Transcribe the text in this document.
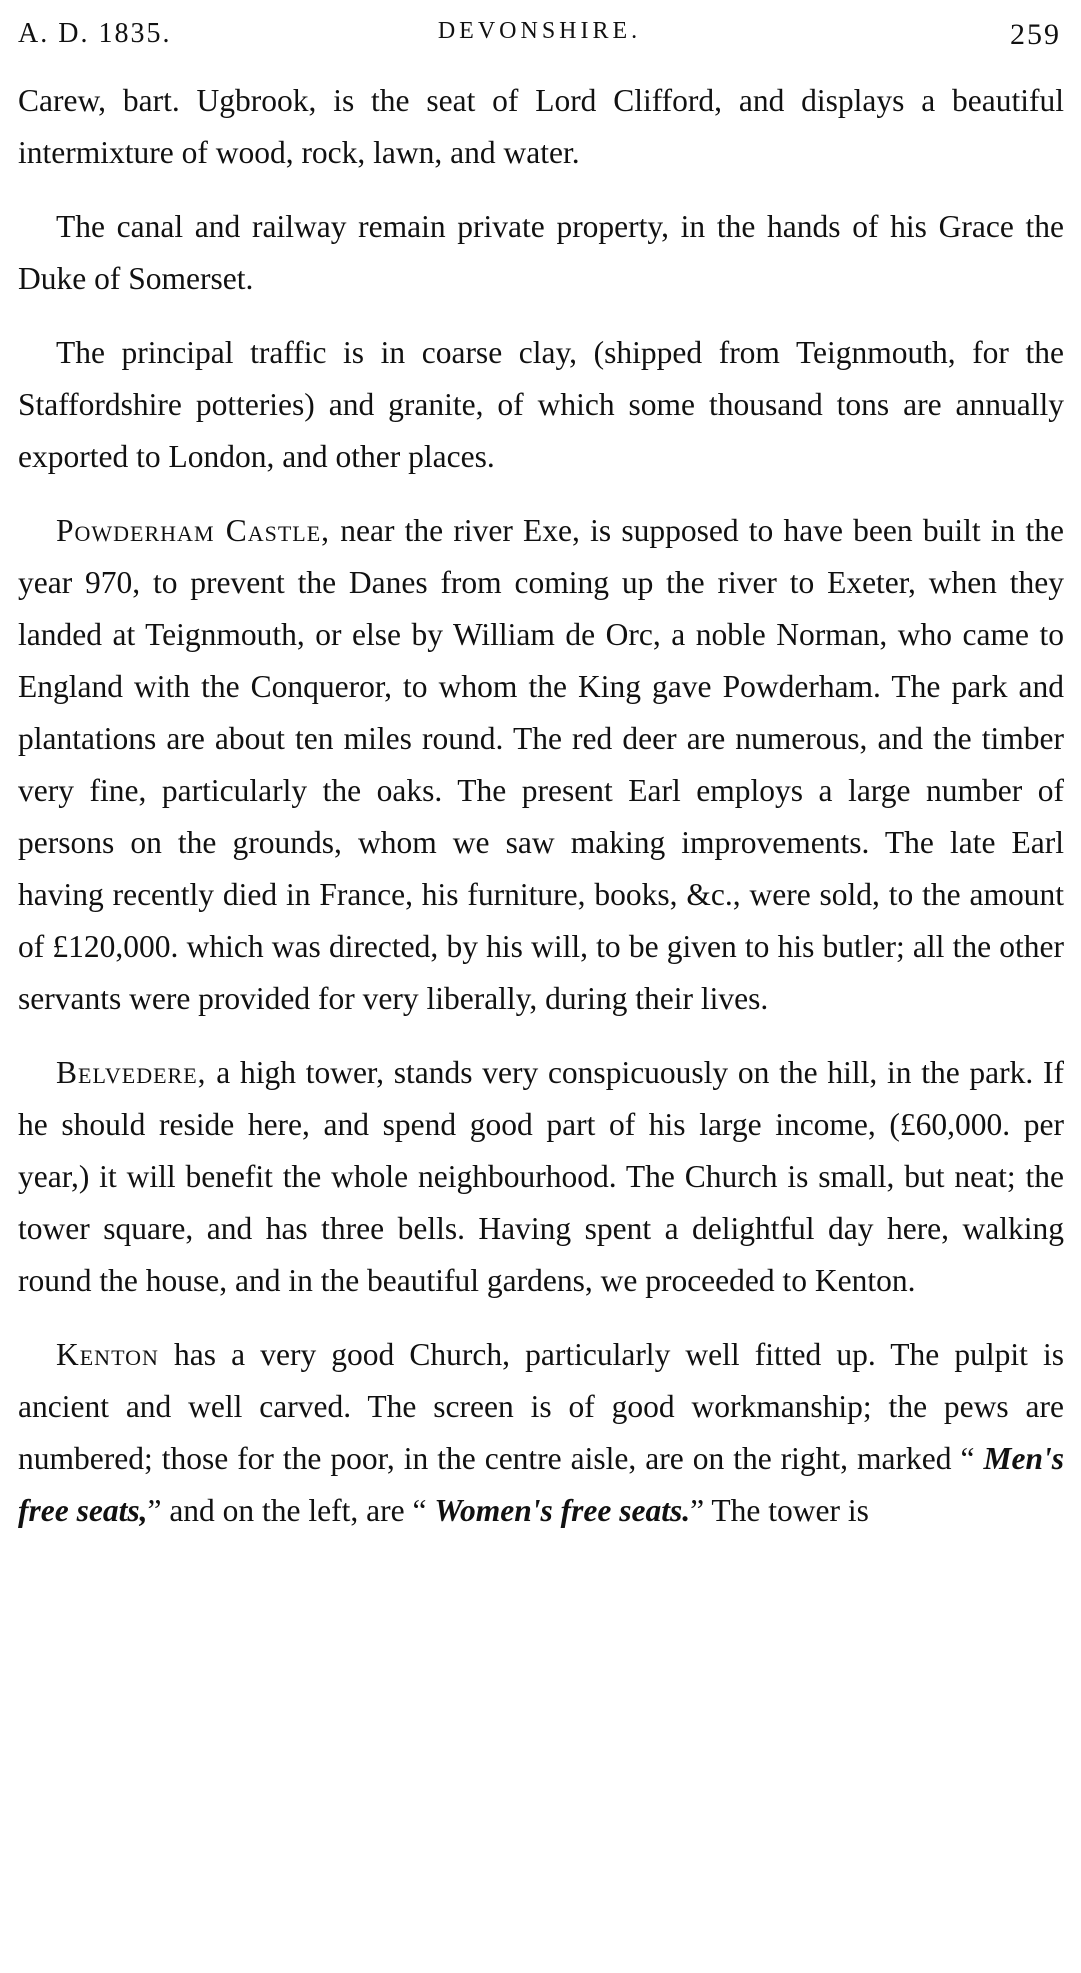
A. D. 1835.	DEVONSHIRE.	259

Carew, bart. Ugbrook, is the seat of Lord Clifford, and displays a beautiful intermixture of wood, rock, lawn, and water.

The canal and railway remain private property, in the hands of his Grace the Duke of Somerset.

The principal traffic is in coarse clay, (shipped from Teignmouth, for the Staffordshire potteries) and granite, of which some thousand tons are annually exported to London, and other places.

Powderham Castle, near the river Exe, is supposed to have been built in the year 970, to prevent the Danes from coming up the river to Exeter, when they landed at Teignmouth, or else by William de Orc, a noble Norman, who came to England with the Conqueror, to whom the King gave Powderham. The park and plantations are about ten miles round. The red deer are numerous, and the timber very fine, particularly the oaks. The present Earl employs a large number of persons on the grounds, whom we saw making improvements. The late Earl having recently died in France, his furniture, books, &c., were sold, to the amount of £120,000. which was directed, by his will, to be given to his butler; all the other servants were provided for very liberally, during their lives.

Belvedere, a high tower, stands very conspicuously on the hill, in the park. If he should reside here, and spend good part of his large income, (£60,000. per year,) it will benefit the whole neighbourhood. The Church is small, but neat; the tower square, and has three bells. Having spent a delightful day here, walking round the house, and in the beautiful gardens, we proceeded to Kenton.

Kenton has a very good Church, particularly well fitted up. The pulpit is ancient and well carved. The screen is of good workmanship; the pews are numbered; those for the poor, in the centre aisle, are on the right, marked “ Men's free seats,” and on the left, are “ Women's free seats.” The tower is
